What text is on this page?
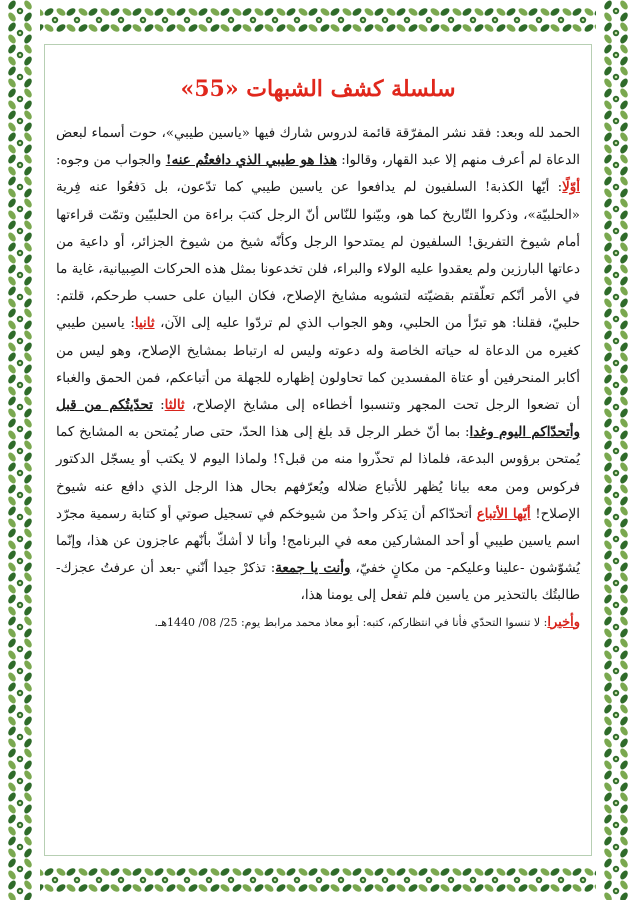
سلسلة كشف الشبهات «55»

الحمد لله وبعد: فقد نشر المفرّقة قائمة لدروس شارك فيها «ياسين طيبي»، حوت أسماء لبعض الدعاة لم أعرف منهم إلا عبد القهار، وقالوا: هذا هو طيبي الذي دافعتُم عنه! والجواب من وجوه: أوّلًا: أيّها الكذبة! السلفيون لم يدافعوا عن ياسين طيبي كما تدّعون، بل دَفعُوا عنه فِرية «الحلبيّة»، وذكروا التّاريخ كما هو، وبيّنوا للنّاس أنّ الرجل كتبَ براءة من الحلبيّين وتمّت قراءتها أمام شيوخ التفريق! السلفيون لم يمتدحوا الرجل وكأنّه شيخ من شيوخ الجزائر، أو داعية من دعاتها البارزين ولم يعقدوا عليه الولاء والبراء، فلن تخدعونا بمثل هذه الحركات الصِبيانية، غاية ما في الأمر أنّكم تعلّقتم بقضيّته لتشويه مشايخ الإصلاح، فكان البيان على حسب طرحكم، قلتم: حلبيّ، فقلنا: هو تبرّأ من الحلبي، وهو الجواب الذي لم تردّوا عليه إلى الآن، ثانيا: ياسين طيبي كغيره من الدعاة له حياته الخاصة وله دعوته وليس له ارتباط بمشايخ الإصلاح، وهو ليس من أكابر المنحرفين أو عتاة المفسدين كما تحاولون إظهاره للجهلة من أتباعكم، فمن الحمق والغباء أن تضعوا الرجل تحت المجهر وتنسبوا أخطاءه إلى مشايخ الإصلاح، ثالثا: تحدّيتُكم من قبل وأتحدّاكم اليوم وغدا: بما أنّ خطر الرجل قد بلغ إلى هذا الحدّ، حتى صار يُمتحن به المشايخ كما يُمتحن برؤوس البدعة، فلماذا لم تحذّروا منه من قبل؟! ولماذا اليوم لا يكتب أو يسجّل الدكتور فركوس ومن معه بيانا يُظهر للأتباع ضلاله ويُعرّفهم بحال هذا الرجل الذي دافع عنه شيوخ الإصلاح! أيّها الأتباع أتحدّاكم أن يَذكر واحدٌ من شيوخكم في تسجيل صوتي أو كتابة رسمية مجرّد اسم ياسين طيبي أو أحد المشاركين معه في البرنامج! وأنا لا أشكّ بأنّهم عاجزون عن هذا، وإنّما يُشوّشون -علينا وعليكم- من مكانٍ خفيّ، وأنت يا جمعة: تذكرْ جيدا أنّني -بعد أن عرفتُ عجزك- طالبتُك بالتحذير من ياسين فلم تفعل إلى يومنا هذا،

وأخيرا: لا تنسوا التحدّي فأنا في انتظاركم، كتبه: أبو معاذ محمد مرابط يوم: 25/ 08/ 1440هـ.
